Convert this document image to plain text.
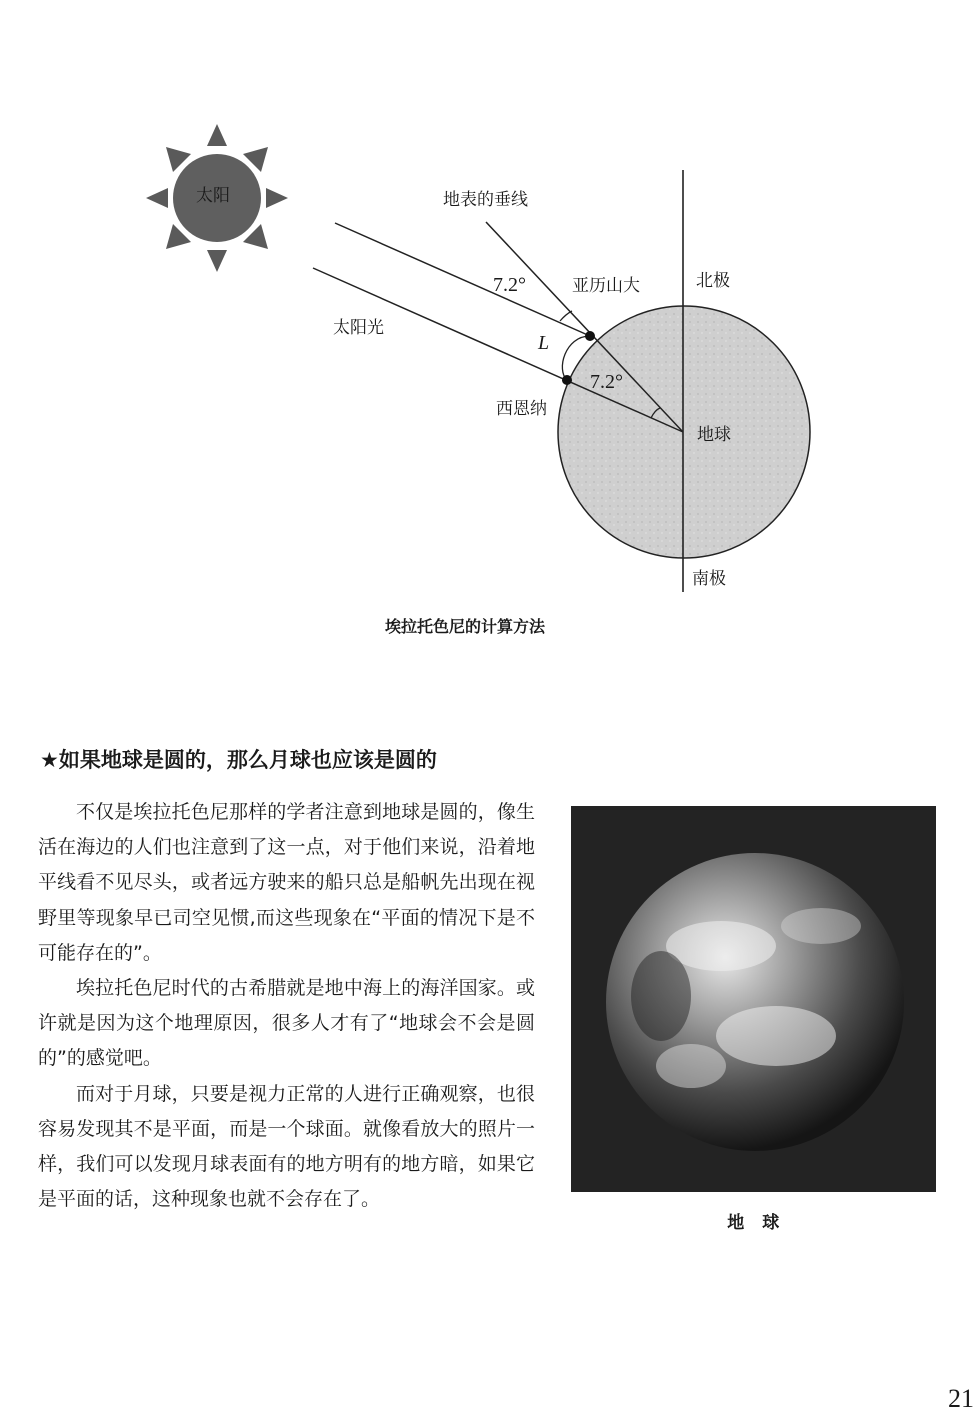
太阳	地表的垂线
7.2°	亚历山大	北极
太阳光
L
7.2°
西恩纳
地球
南极
埃拉托色尼的计算方法
★如果地球是圆的，那么月球也应该是圆的

不仅是埃拉托色尼那样的学者注意到地球是圆的，像生活在海边的人们也注意到了这一点，对于他们来说，沿着地平线看不见尽头，或者远方驶来的船只总是船帆先出现在视野里等现象早已司空见惯,而这些现象在“平面的情况下是不可能存在的”。

埃拉托色尼时代的古希腊就是地中海上的海洋国家。或许就是因为这个地理原因，很多人才有了“地球会不会是圆的”的感觉吧。

而对于月球，只要是视力正常的人进行正确观察，也很容易发现其不是平面，而是一个球面。就像看放大的照片一样，我们可以发现月球表面有的地方明有的地方暗，如果它是平面的话，这种现象也就不会存在了。

地　球
21
